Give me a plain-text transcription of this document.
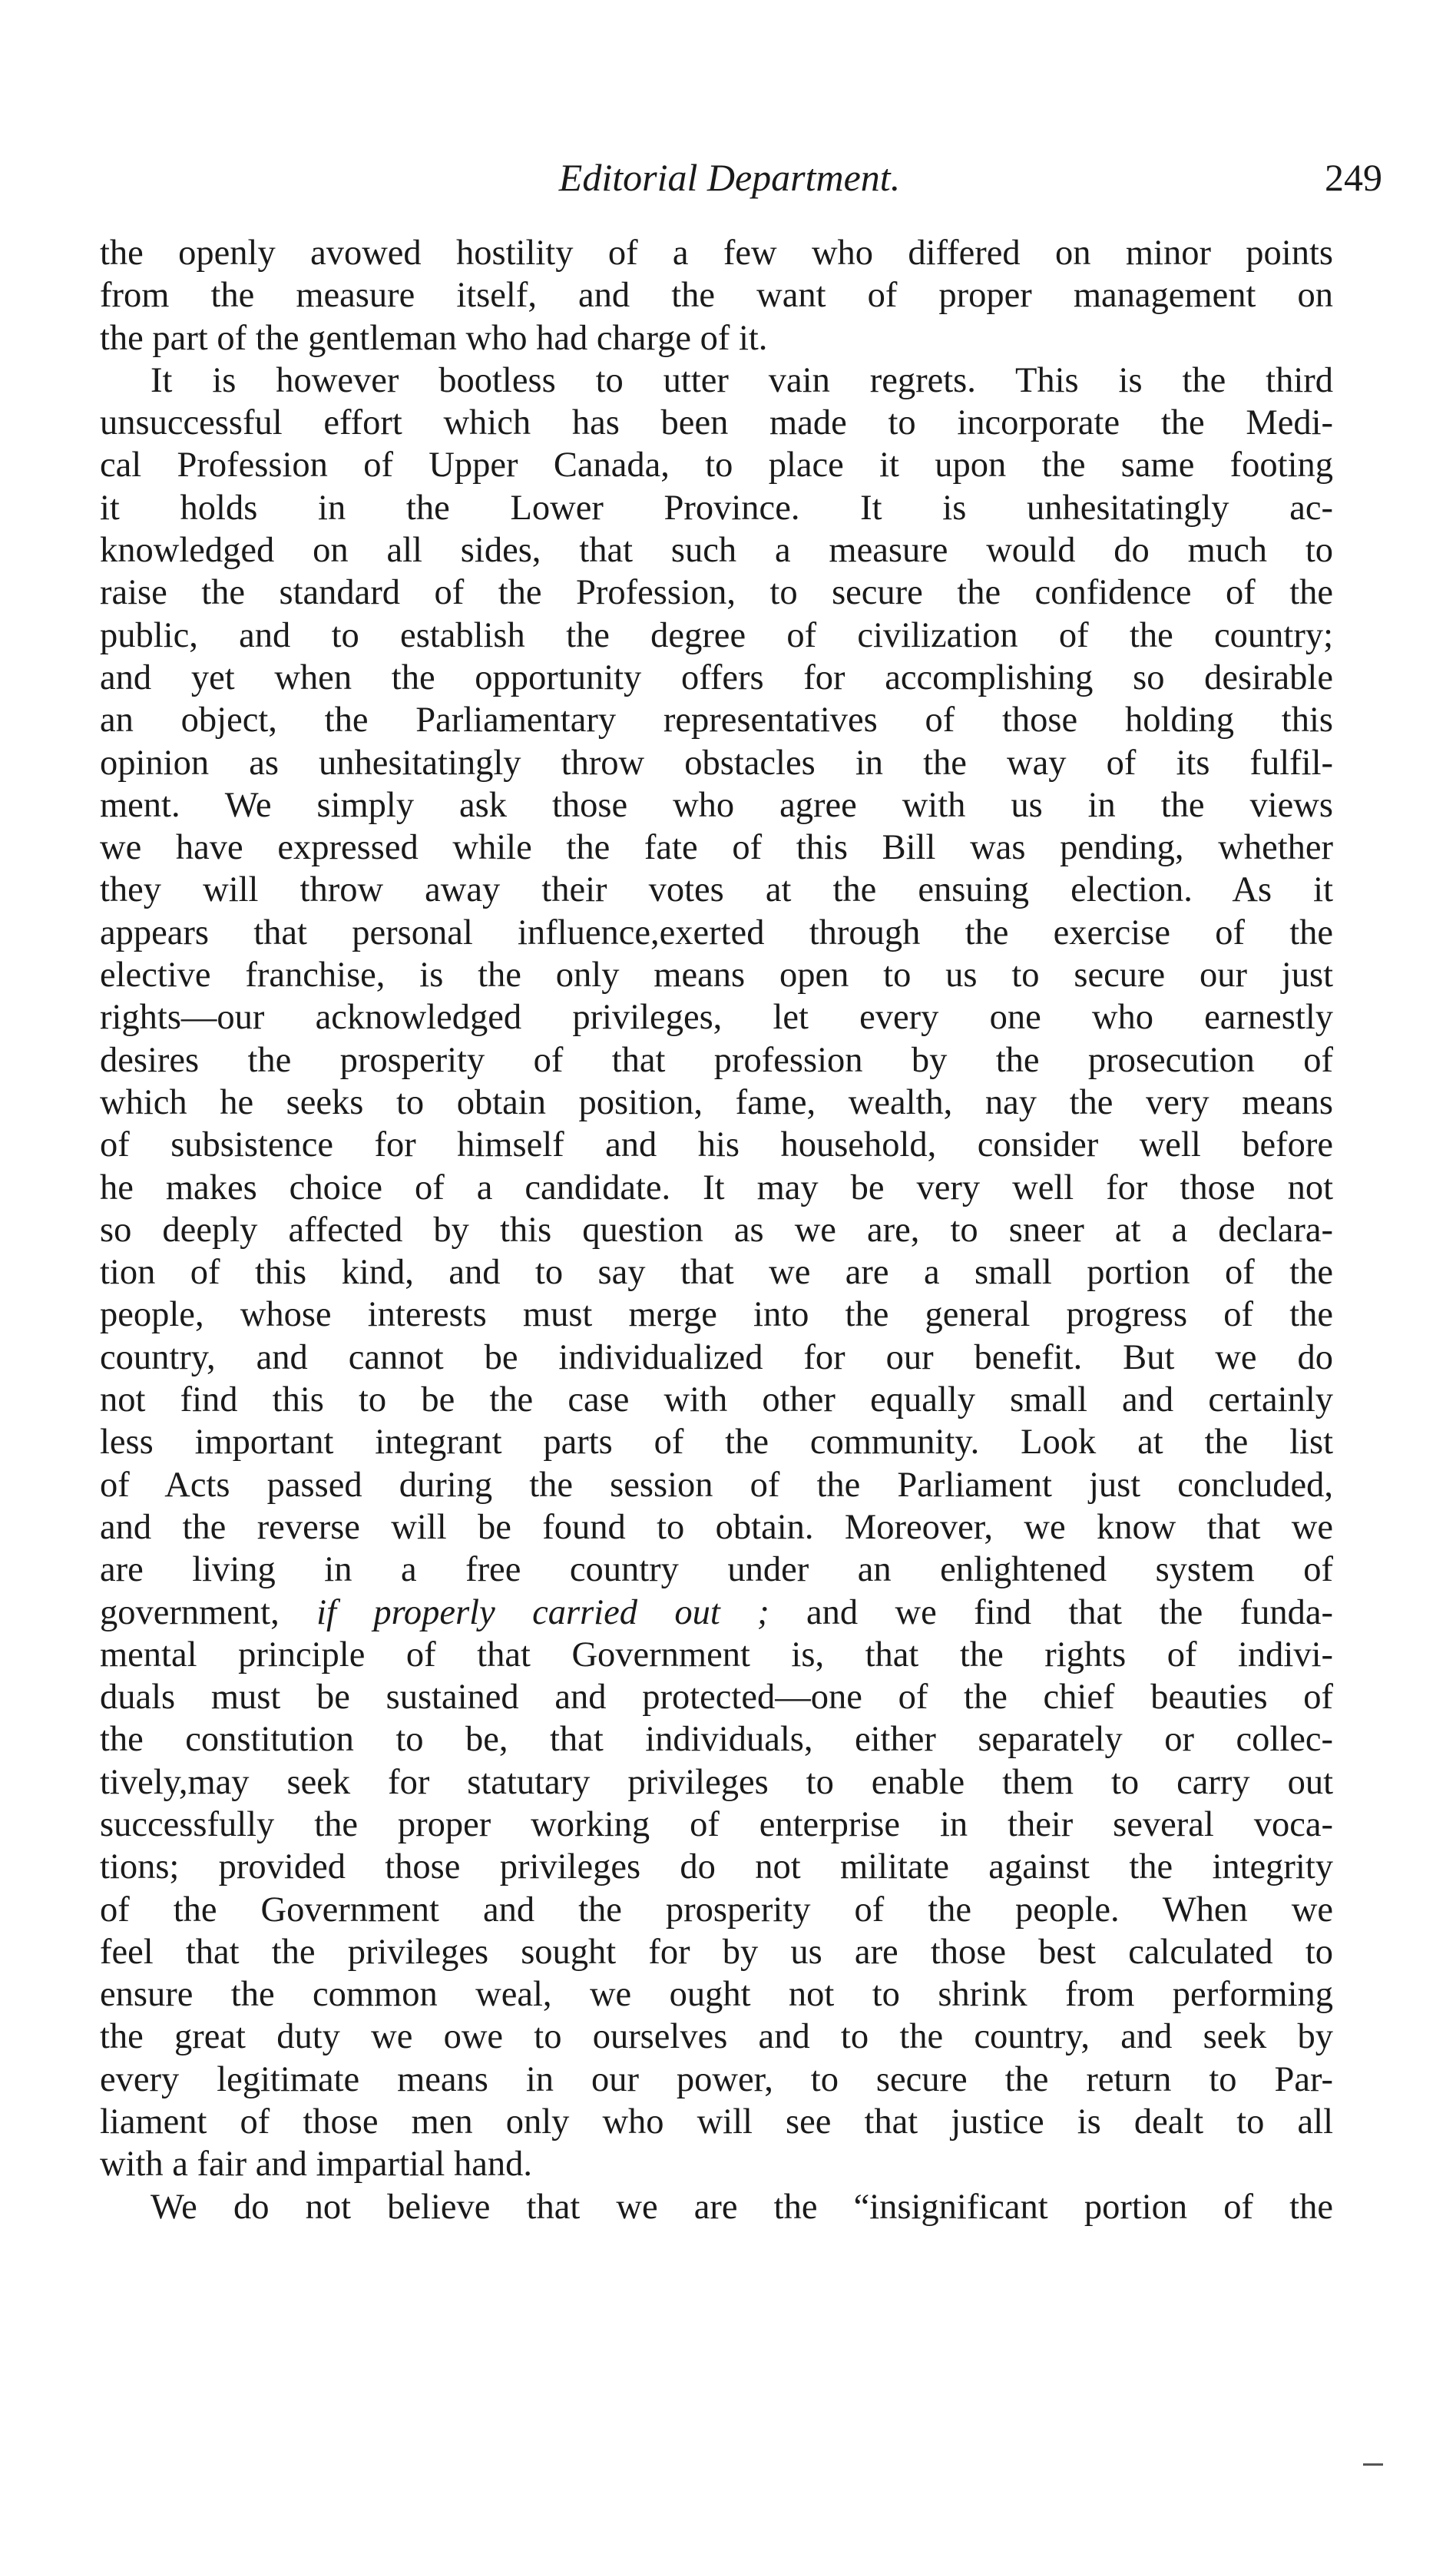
Editorial Department.	249
the openly avowed hostility of a few who differed on minor points
from the measure itself, and the want of proper management on
the part of the gentleman who had charge of it.
It is however bootless to utter vain regrets. This is the third
unsuccessful effort which has been made to incorporate the Medi-
cal Profession of Upper Canada, to place it upon the same footing
it holds in the Lower Province. It is unhesitatingly ac-
knowledged on all sides, that such a measure would do much to
raise the standard of the Profession, to secure the confidence of the
public, and to establish the degree of civilization of the country;
and yet when the opportunity offers for accomplishing so desirable
an object, the Parliamentary representatives of those holding this
opinion as unhesitatingly throw obstacles in the way of its fulfil-
ment. We simply ask those who agree with us in the views
we have expressed while the fate of this Bill was pending, whether
they will throw away their votes at the ensuing election. As it
appears that personal influence,exerted through the exercise of the
elective franchise, is the only means open to us to secure our just
rights—our acknowledged privileges, let every one who earnestly
desires the prosperity of that profession by the prosecution of
which he seeks to obtain position, fame, wealth, nay the very means
of subsistence for himself and his household, consider well before
he makes choice of a candidate. It may be very well for those not
so deeply affected by this question as we are, to sneer at a declara-
tion of this kind, and to say that we are a small portion of the
people, whose interests must merge into the general progress of the
country, and cannot be individualized for our benefit. But we do
not find this to be the case with other equally small and certainly
less important integrant parts of the community. Look at the list
of Acts passed during the session of the Parliament just concluded,
and the reverse will be found to obtain. Moreover, we know that we
are living in a free country under an enlightened system of
government, if properly carried out ; and we find that the funda-
mental principle of that Government is, that the rights of indivi-
duals must be sustained and protected—one of the chief beauties of
the constitution to be, that individuals, either separately or collec-
tively,may seek for statutary privileges to enable them to carry out
successfully the proper working of enterprise in their several voca-
tions; provided those privileges do not militate against the integrity
of the Government and the prosperity of the people. When we
feel that the privileges sought for by us are those best calculated to
ensure the common weal, we ought not to shrink from performing
the great duty we owe to ourselves and to the country, and seek by
every legitimate means in our power, to secure the return to Par-
liament of those men only who will see that justice is dealt to all
with a fair and impartial hand.
We do not believe that we are the “insignificant portion of the
